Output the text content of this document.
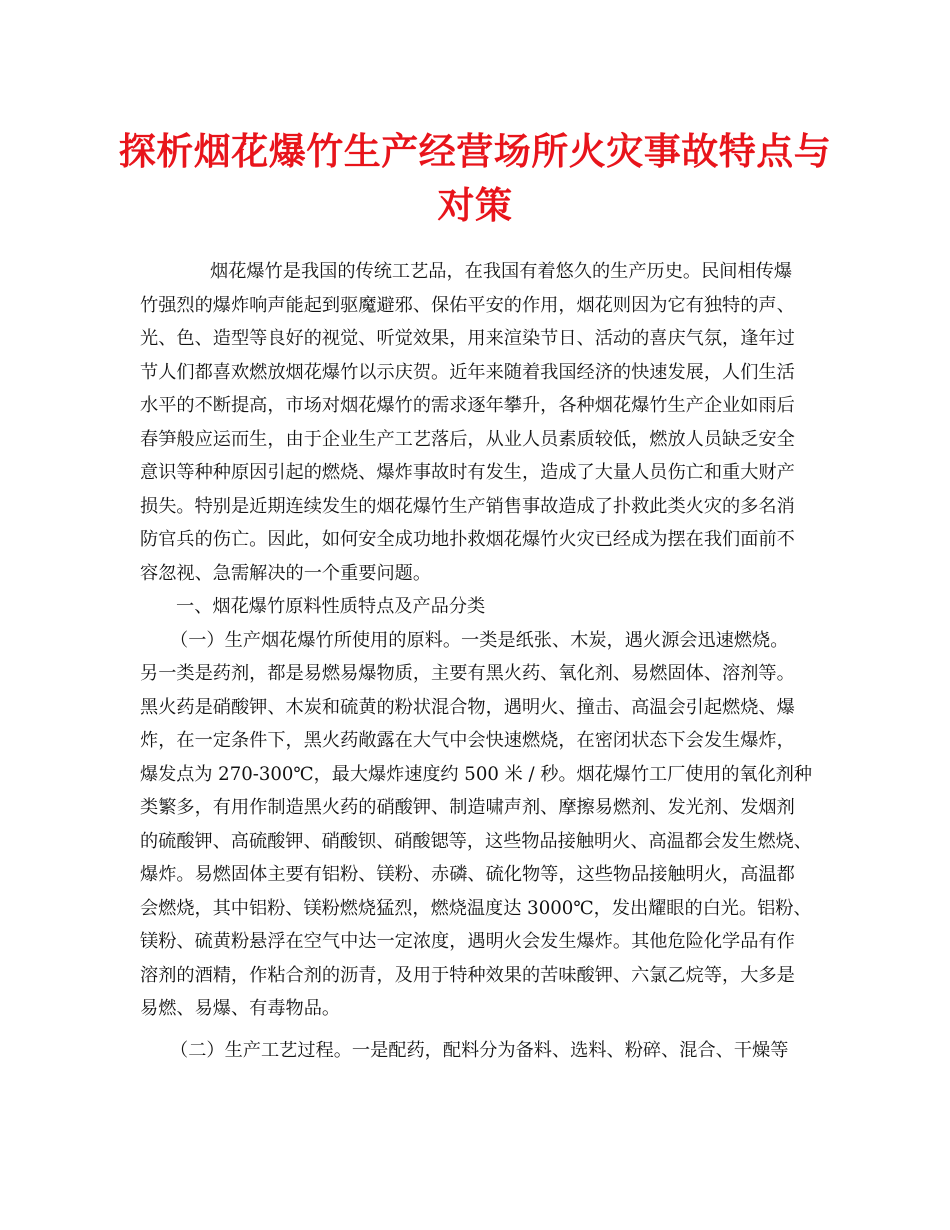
探析烟花爆竹生产经营场所火灾事故特点与
对策

烟花爆竹是我国的传统工艺品，在我国有着悠久的生产历史。民间相传爆
竹强烈的爆炸响声能起到驱魔避邪、保佑平安的作用，烟花则因为它有独特的声、
光、色、造型等良好的视觉、听觉效果，用来渲染节日、活动的喜庆气氛，逢年过
节人们都喜欢燃放烟花爆竹以示庆贺。近年来随着我国经济的快速发展，人们生活
水平的不断提高，市场对烟花爆竹的需求逐年攀升，各种烟花爆竹生产企业如雨后
春笋般应运而生，由于企业生产工艺落后，从业人员素质较低，燃放人员缺乏安全
意识等种种原因引起的燃烧、爆炸事故时有发生，造成了大量人员伤亡和重大财产
损失。特别是近期连续发生的烟花爆竹生产销售事故造成了扑救此类火灾的多名消
防官兵的伤亡。因此，如何安全成功地扑救烟花爆竹火灾已经成为摆在我们面前不
容忽视、急需解决的一个重要问题。

一、烟花爆竹原料性质特点及产品分类

（一）生产烟花爆竹所使用的原料。一类是纸张、木炭，遇火源会迅速燃烧。
另一类是药剂，都是易燃易爆物质，主要有黑火药、氧化剂、易燃固体、溶剂等。
黑火药是硝酸钾、木炭和硫黄的粉状混合物，遇明火、撞击、高温会引起燃烧、爆
炸，在一定条件下，黑火药敞露在大气中会快速燃烧，在密闭状态下会发生爆炸，
爆发点为 270-300℃，最大爆炸速度约 500 米 / 秒。烟花爆竹工厂使用的氧化剂种
类繁多，有用作制造黑火药的硝酸钾、制造啸声剂、摩擦易燃剂、发光剂、发烟剂
的硫酸钾、高硫酸钾、硝酸钡、硝酸锶等，这些物品接触明火、高温都会发生燃烧、
爆炸。易燃固体主要有铝粉、镁粉、赤磷、硫化物等，这些物品接触明火，高温都
会燃烧，其中铝粉、镁粉燃烧猛烈，燃烧温度达 3000℃，发出耀眼的白光。铝粉、
镁粉、硫黄粉悬浮在空气中达一定浓度，遇明火会发生爆炸。其他危险化学品有作
溶剂的酒精，作粘合剂的沥青，及用于特种效果的苦味酸钾、六氯乙烷等，大多是
易燃、易爆、有毒物品。

（二）生产工艺过程。一是配药，配料分为备料、选料、粉碎、混合、干燥等
